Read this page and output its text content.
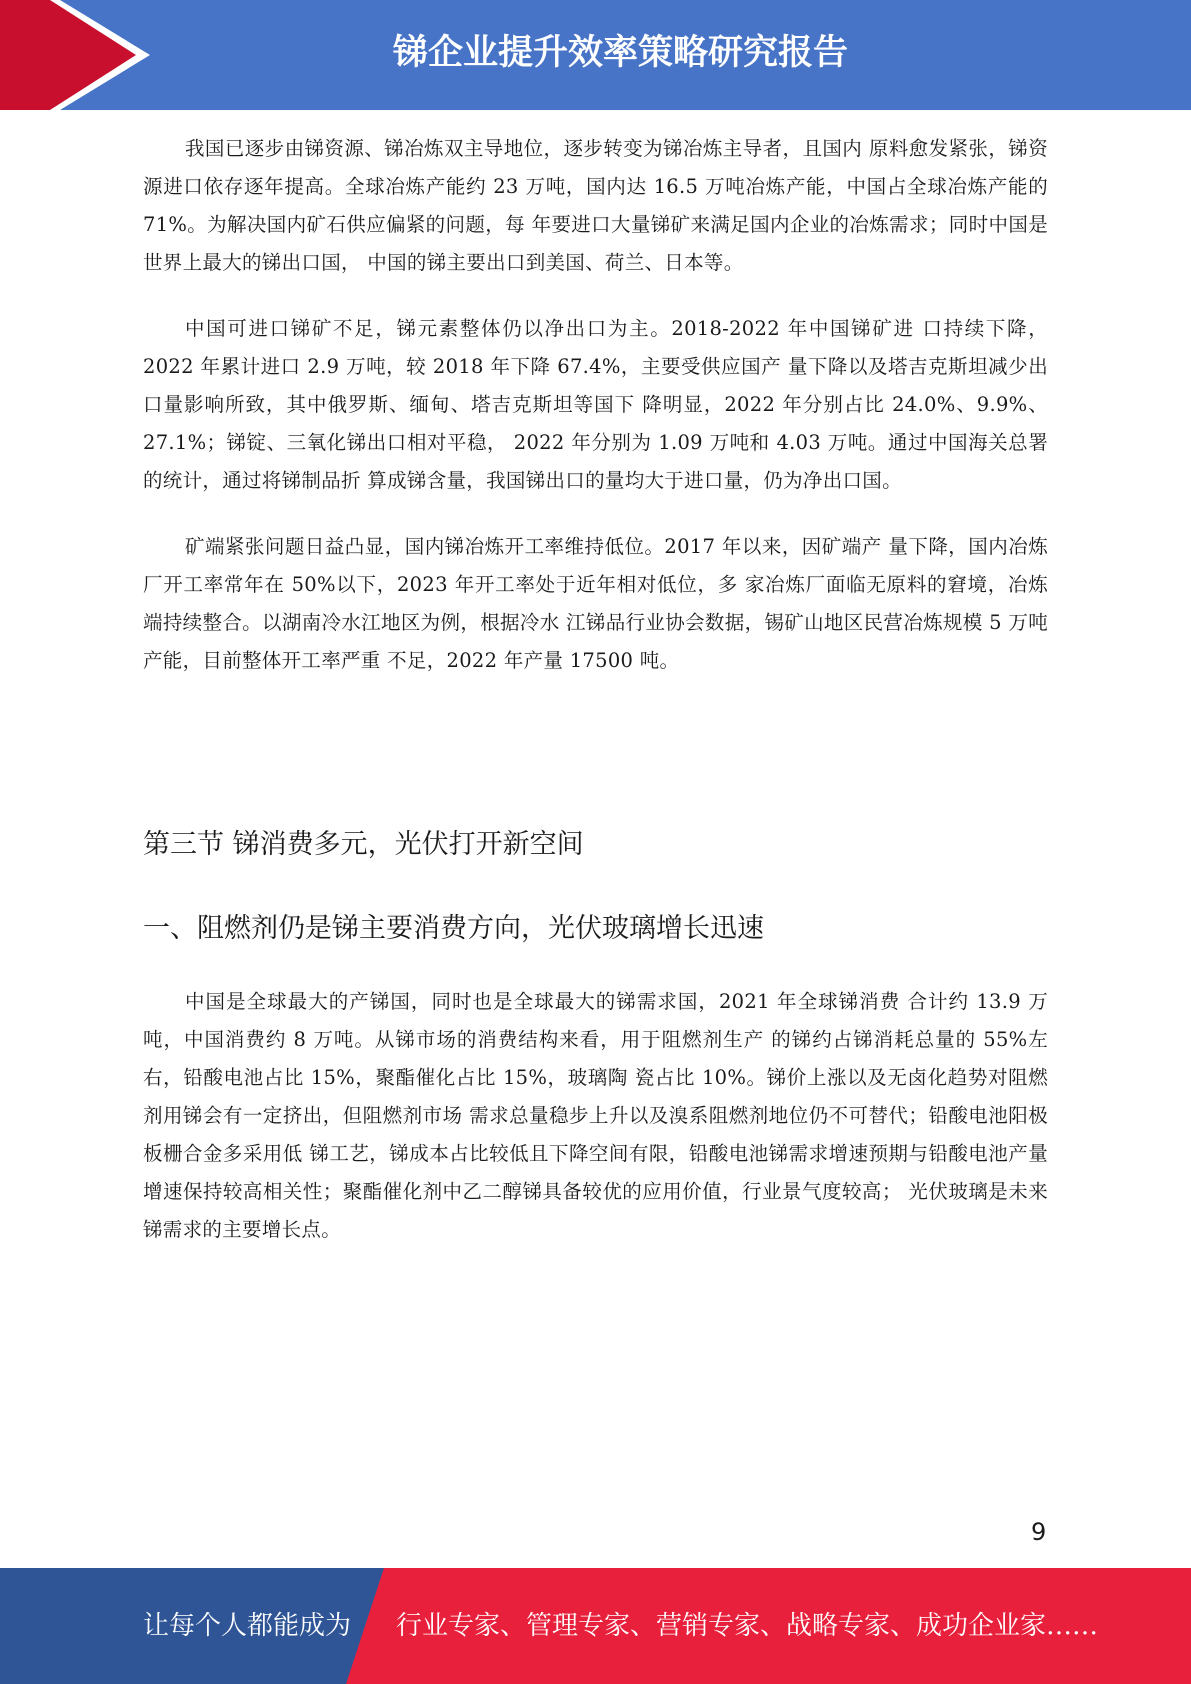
锑企业提升效率策略研究报告

我国已逐步由锑资源、锑冶炼双主导地位，逐步转变为锑冶炼主导者，且国内 原料愈发紧张，锑资源进口依存逐年提高。全球冶炼产能约 23 万吨，国内达 16.5 万吨冶炼产能，中国占全球冶炼产能的 71%。为解决国内矿石供应偏紧的问题，每 年要进口大量锑矿来满足国内企业的冶炼需求；同时中国是世界上最大的锑出口国， 中国的锑主要出口到美国、荷兰、日本等。

中国可进口锑矿不足，锑元素整体仍以净出口为主。2018-2022 年中国锑矿进 口持续下降，2022 年累计进口 2.9 万吨，较 2018 年下降 67.4%，主要受供应国产 量下降以及塔吉克斯坦减少出口量影响所致，其中俄罗斯、缅甸、塔吉克斯坦等国下 降明显，2022 年分别占比 24.0%、9.9%、27.1%；锑锭、三氧化锑出口相对平稳， 2022 年分别为 1.09 万吨和 4.03 万吨。通过中国海关总署的统计，通过将锑制品折 算成锑含量，我国锑出口的量均大于进口量，仍为净出口国。

矿端紧张问题日益凸显，国内锑冶炼开工率维持低位。2017 年以来，因矿端产 量下降，国内冶炼厂开工率常年在 50%以下，2023 年开工率处于近年相对低位，多 家冶炼厂面临无原料的窘境，冶炼端持续整合。以湖南冷水江地区为例，根据冷水 江锑品行业协会数据，锡矿山地区民营冶炼规模 5 万吨产能，目前整体开工率严重 不足，2022 年产量 17500 吨。

第三节 锑消费多元，光伏打开新空间
一、阻燃剂仍是锑主要消费方向，光伏玻璃增长迅速

中国是全球最大的产锑国，同时也是全球最大的锑需求国，2021 年全球锑消费 合计约 13.9 万吨，中国消费约 8 万吨。从锑市场的消费结构来看，用于阻燃剂生产 的锑约占锑消耗总量的 55%左右，铅酸电池占比 15%，聚酯催化占比 15%，玻璃陶 瓷占比 10%。锑价上涨以及无卤化趋势对阻燃剂用锑会有一定挤出，但阻燃剂市场 需求总量稳步上升以及溴系阻燃剂地位仍不可替代；铅酸电池阳极板栅合金多采用低 锑工艺，锑成本占比较低且下降空间有限，铅酸电池锑需求增速预期与铅酸电池产量增速保持较高相关性；聚酯催化剂中乙二醇锑具备较优的应用价值，行业景气度较高； 光伏玻璃是未来锑需求的主要增长点。

9
让每个人都能成为 行业专家、管理专家、营销专家、战略专家、成功企业家……
